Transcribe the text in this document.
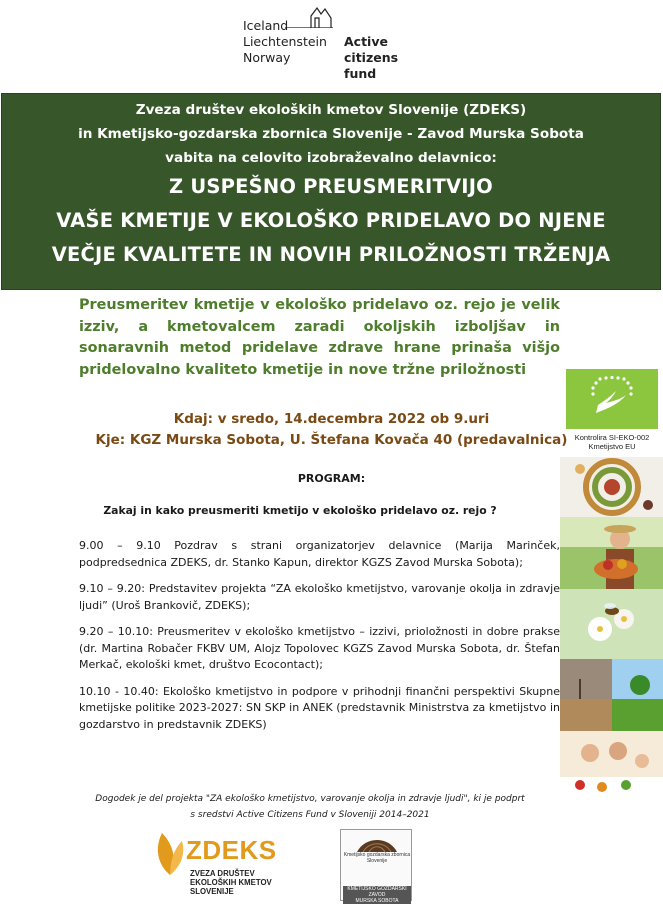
Iceland
Liechtenstein
Norway
Active
citizens fund
Zveza društev ekoloških kmetov Slovenije (ZDEKS)
in Kmetijsko-gozdarska zbornica Slovenije - Zavod Murska Sobota
vabita na celovito izobraževalno delavnico:
Z USPEŠNO PREUSMERITVIJO
VAŠE KMETIJE V EKOLOŠKO PRIDELAVO DO NJENE
VEČJE KVALITETE IN NOVIH PRILOŽNOSTI TRŽENJA
Preusmeritev kmetije v ekološko pridelavo oz. rejo je velik izziv, a kmetovalcem zaradi okoljskih izboljšav in sonaravnih metod pridelave zdrave hrane prinaša višjo pridelovalno kvaliteto kmetije in nove tržne priložnosti
Kdaj: v sredo, 14.decembra 2022 ob 9.uri
Kje: KGZ Murska Sobota, U. Štefana Kovača 40 (predavalnica)
PROGRAM:
Zakaj in kako preusmeriti kmetijo v ekološko pridelavo oz. rejo ?
9.00 – 9.10 Pozdrav s strani organizatorjev delavnice (Marija Marinček, podpredsednica ZDEKS, dr. Stanko Kapun, direktor KGZS Zavod Murska Sobota);
9.10 – 9.20: Predstavitev projekta “ZA ekološko kmetijstvo, varovanje okolja in zdravje ljudi” (Uroš Brankovič, ZDEKS);
9.20 – 10.10: Preusmeritev v ekološko kmetijstvo – izzivi, prioložnosti in dobre prakse (dr. Martina Robačer FKBV UM, Alojz Topolovec KGZS Zavod Murska Sobota, dr. Štefan Merkač, ekološki kmet, društvo Ecocontact);
10.10 - 10.40: Ekološko kmetijstvo in podpore v prihodnji finančni perspektivi Skupne kmetijske politike 2023-2027: SN SKP in ANEK (predstavnik Ministrstva za kmetijstvo in gozdarstvo in predstavnik ZDEKS)
Dogodek je del projekta "ZA ekološko kmetijstvo, varovanje okolja in zdravje ljudi", ki je podprt
s sredstvi Active Citizens Fund v Sloveniji 2014–2021
Kontrolira SI-EKO-002
Kmetijstvo EU
ZDEKS
ZVEZA DRUŠTEV
EKOLOŠKIH KMETOV
SLOVENIJE
Kmetijsko gozdarska zbornica Slovenije
KMETIJSKO GOZDARSKI ZAVOD
MURSKA SOBOTA
